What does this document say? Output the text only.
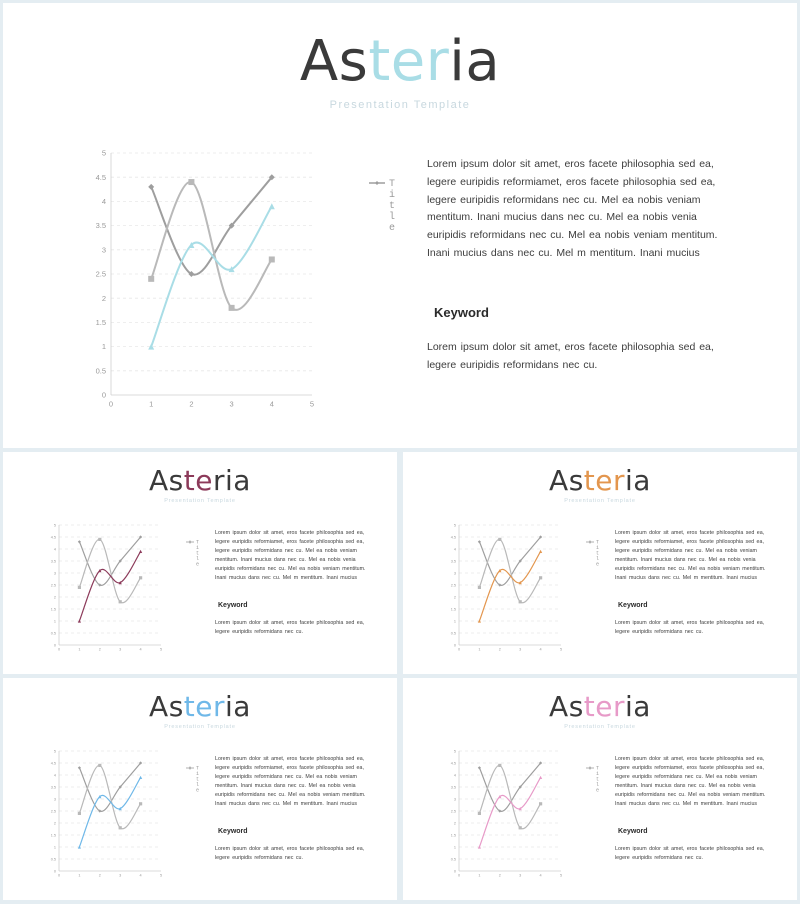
Asteria
Presentation Template

Lorem ipsum dolor sit amet, eros facete philosophia sed ea, legere euripidis reformiamet, eros facete philosophia sed ea, legere euripidis reformidans nec cu. Mel ea nobis veniam mentitum. Inani mucius dans nec cu. Mel ea nobis venia euripidis reformidans nec cu. Mel ea nobis veniam mentitum. Inani mucius dans nec cu. Mel m mentitum. Inani mucius

Keyword

Lorem ipsum dolor sit amet, eros facete philosophia sed ea, legere euripidis reformidans nec cu.

0
0.5
1
1.5
2
2.5
3
3.5
4
4.5
5
0	1	2	3	4	5
T i t l e
Asteria
Presentation Template

Lorem ipsum dolor sit amet, eros facete philosophia sed ea, legere euripidis reformiamet, eros facete philosophia sed ea, legere euripidis reformidans nec cu. Mel ea nobis veniam mentitum. Inani mucius dans nec cu. Mel ea nobis venia euripidis reformidans nec cu. Mel ea nobis veniam mentitum. Inani mucius dans nec cu. Mel m mentitum. Inani mucius

Keyword

Lorem ipsum dolor sit amet, eros facete philosophia sed ea, legere euripidis reformidans nec cu.

0
0.5
1
1.5
2
2.5
3
3.5
4
4.5
5
0	1	2	3	4	5
T i t l e
Asteria
Presentation Template

Lorem ipsum dolor sit amet, eros facete philosophia sed ea, legere euripidis reformiamet, eros facete philosophia sed ea, legere euripidis reformidans nec cu. Mel ea nobis veniam mentitum. Inani mucius dans nec cu. Mel ea nobis venia euripidis reformidans nec cu. Mel ea nobis veniam mentitum. Inani mucius dans nec cu. Mel m mentitum. Inani mucius

Keyword

Lorem ipsum dolor sit amet, eros facete philosophia sed ea, legere euripidis reformidans nec cu.

0
0.5
1
1.5
2
2.5
3
3.5
4
4.5
5
0	1	2	3	4	5
T i t l e
Asteria
Presentation Template

Lorem ipsum dolor sit amet, eros facete philosophia sed ea, legere euripidis reformiamet, eros facete philosophia sed ea, legere euripidis reformidans nec cu. Mel ea nobis veniam mentitum. Inani mucius dans nec cu. Mel ea nobis venia euripidis reformidans nec cu. Mel ea nobis veniam mentitum. Inani mucius dans nec cu. Mel m mentitum. Inani mucius

Keyword

Lorem ipsum dolor sit amet, eros facete philosophia sed ea, legere euripidis reformidans nec cu.

0
0.5
1
1.5
2
2.5
3
3.5
4
4.5
5
0	1	2	3	4	5
T i t l e
Asteria
Presentation Template

Lorem ipsum dolor sit amet, eros facete philosophia sed ea, legere euripidis reformiamet, eros facete philosophia sed ea, legere euripidis reformidans nec cu. Mel ea nobis veniam mentitum. Inani mucius dans nec cu. Mel ea nobis venia euripidis reformidans nec cu. Mel ea nobis veniam mentitum. Inani mucius dans nec cu. Mel m mentitum. Inani mucius

Keyword

Lorem ipsum dolor sit amet, eros facete philosophia sed ea, legere euripidis reformidans nec cu.

0
0.5
1
1.5
2
2.5
3
3.5
4
4.5
5
0	1	2	3	4	5
T i t l e
